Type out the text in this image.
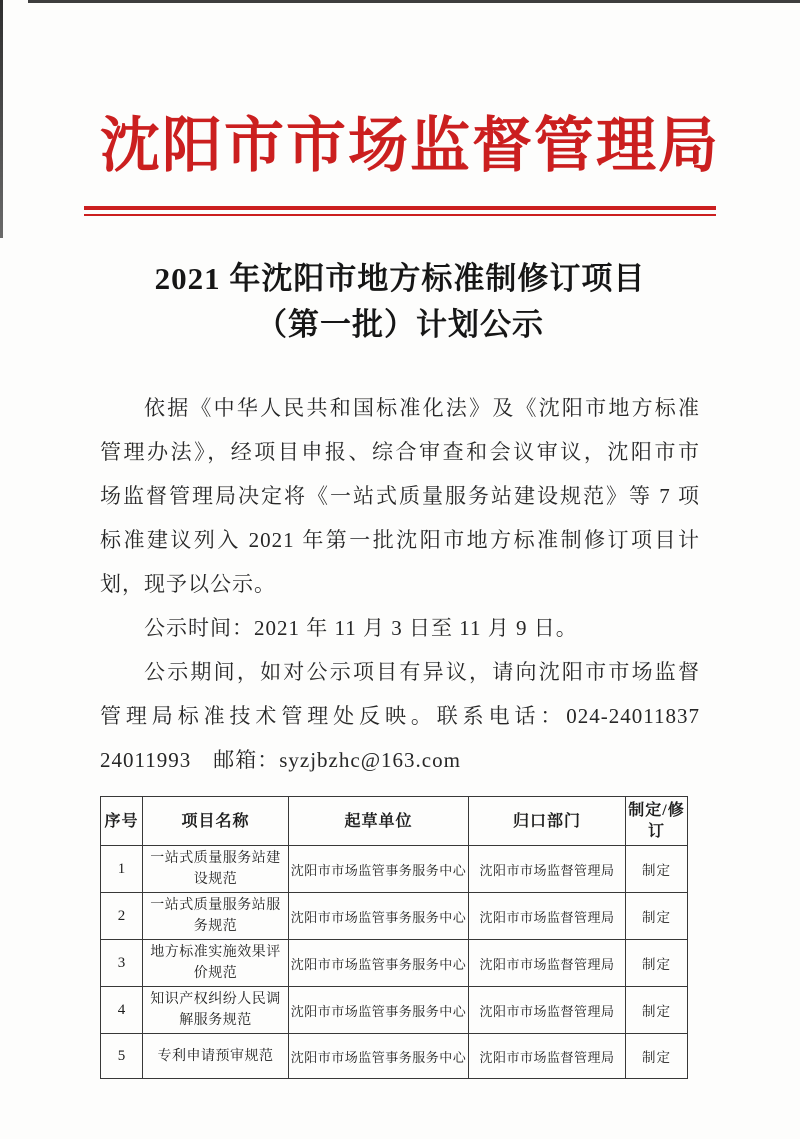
沈阳市市场监督管理局
2021 年沈阳市地方标准制修订项目
（第一批）计划公示
依据《中华人民共和国标准化法》及《沈阳市地方标准
管理办法》，经项目申报、综合审查和会议审议，沈阳市市
场监督管理局决定将《一站式质量服务站建设规范》等 7 项
标准建议列入 2021 年第一批沈阳市地方标准制修订项目计
划，现予以公示。
公示时间：2021 年 11 月 3 日至 11 月 9 日。
公示期间，如对公示项目有异议，请向沈阳市市场监督
管理局标准技术管理处反映。联系电话：024-24011837
24011993　邮箱：syzjbzhc@163.com
序号	项目名称	起草单位	归口部门	制定/修订
1	一站式质量服务站建设规范	沈阳市市场监管事务服务中心	沈阳市市场监督管理局	制定
2	一站式质量服务站服务规范	沈阳市市场监管事务服务中心	沈阳市市场监督管理局	制定
3	地方标准实施效果评价规范	沈阳市市场监管事务服务中心	沈阳市市场监督管理局	制定
4	知识产权纠纷人民调解服务规范	沈阳市市场监管事务服务中心	沈阳市市场监督管理局	制定
5	专利申请预审规范	沈阳市市场监管事务服务中心	沈阳市市场监督管理局	制定
